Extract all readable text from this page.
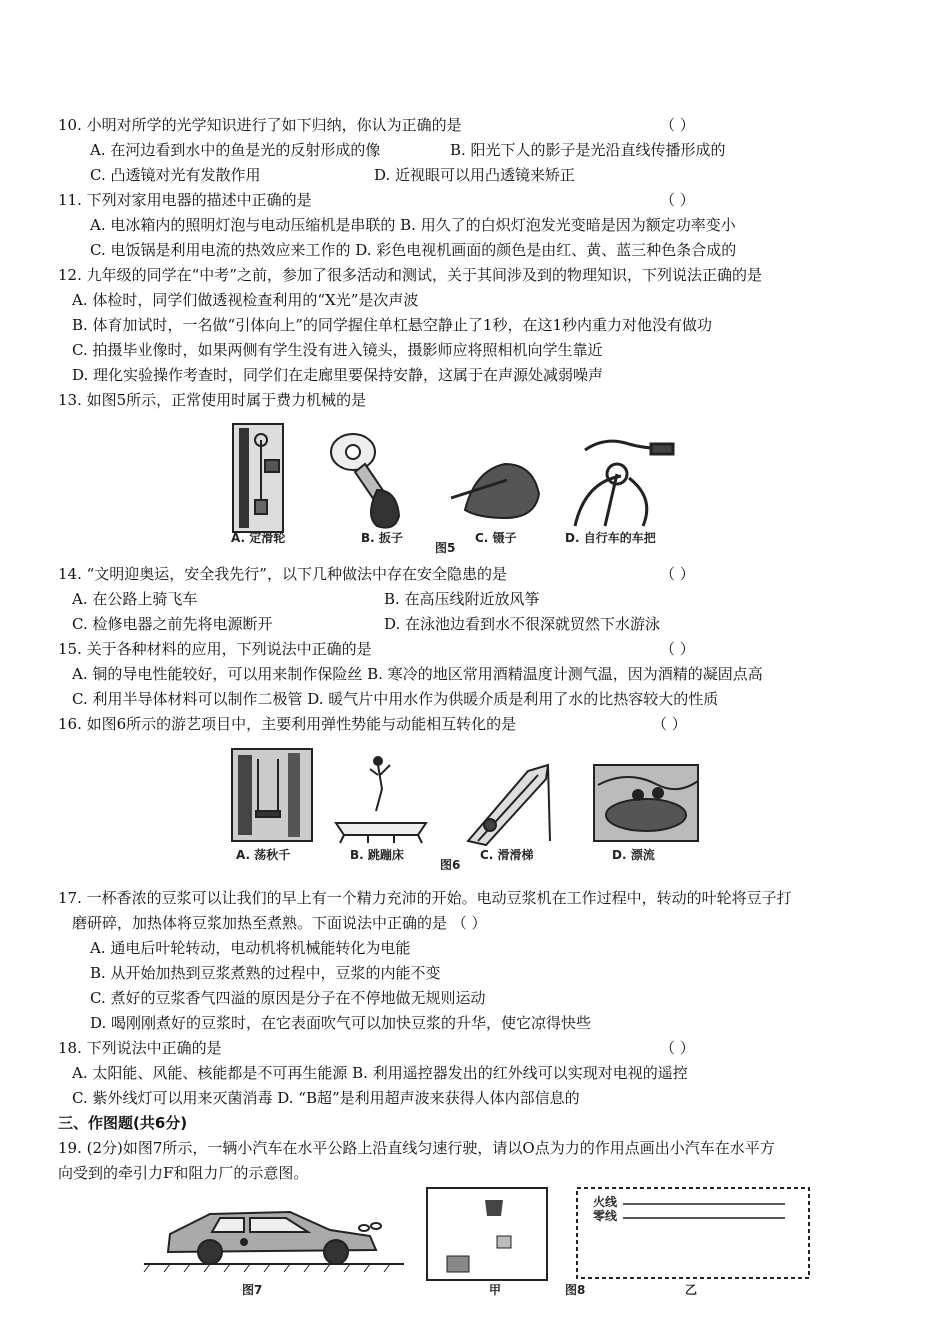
10. 小明对所学的光学知识进行了如下归纳，你认为正确的是	（ ）
A. 在河边看到水中的鱼是光的反射形成的像	B. 阳光下人的影子是光沿直线传播形成的
C. 凸透镜对光有发散作用	D. 近视眼可以用凸透镜来矫正
11. 下列对家用电器的描述中正确的是	（ ）
A. 电冰箱内的照明灯泡与电动压缩机是串联的 B. 用久了的白炽灯泡发光变暗是因为额定功率变小
C. 电饭锅是利用电流的热效应来工作的 D. 彩色电视机画面的颜色是由红、黄、蓝三种色条合成的
12. 九年级的同学在“中考”之前，参加了很多活动和测试，关于其间涉及到的物理知识，下列说法正确的是
A. 体检时，同学们做透视检查利用的“X光”是次声波
B. 体育加试时，一名做“引体向上”的同学握住单杠悬空静止了1秒，在这1秒内重力对他没有做功
C. 拍摄毕业像时，如果两侧有学生没有进入镜头，摄影师应将照相机向学生靠近
D. 理化实验操作考查时，同学们在走廊里要保持安静，这属于在声源处减弱噪声
13. 如图5所示，正常使用时属于费力机械的是
A. 定滑轮	B. 扳子	C. 镊子
图5
D. 自行车的车把
14. “文明迎奥运，安全我先行”，以下几种做法中存在安全隐患的是	（ ）
A. 在公路上骑飞车	B. 在高压线附近放风筝
C. 检修电器之前先将电源断开	D. 在泳池边看到水不很深就贸然下水游泳
15. 关于各种材料的应用，下列说法中正确的是	（ ）
A. 铜的导电性能较好，可以用来制作保险丝 B. 寒冷的地区常用酒精温度计测气温，因为酒精的凝固点高
C. 利用半导体材料可以制作二极管 D. 暖气片中用水作为供暖介质是利用了水的比热容较大的性质
16. 如图6所示的游艺项目中，主要利用弹性势能与动能相互转化的是	（ ）
A. 荡秋千	B. 跳蹦床	C. 滑滑梯
图6
D. 漂流
17. 一杯香浓的豆浆可以让我们的早上有一个精力充沛的开始。电动豆浆机在工作过程中，转动的叶轮将豆子打
磨研碎，加热体将豆浆加热至煮熟。下面说法中正确的是 （ ）
A. 通电后叶轮转动，电动机将机械能转化为电能
B. 从开始加热到豆浆煮熟的过程中，豆浆的内能不变
C. 煮好的豆浆香气四溢的原因是分子在不停地做无规则运动
D. 喝刚刚煮好的豆浆时，在它表面吹气可以加快豆浆的升华，使它凉得快些
18. 下列说法中正确的是	（ ）
A. 太阳能、风能、核能都是不可再生能源 B. 利用遥控器发出的红外线可以实现对电视的遥控
C. 紫外线灯可以用来灭菌消毒 D. “B超”是利用超声波来获得人体内部信息的
三、作图题(共6分)
19. (2分)如图7所示，一辆小汽车在水平公路上沿直线匀速行驶，请以O点为力的作用点画出小汽车在水平方
向受到的牵引力F和阻力厂的示意图。
图7	甲	图8
火线
零线
乙
